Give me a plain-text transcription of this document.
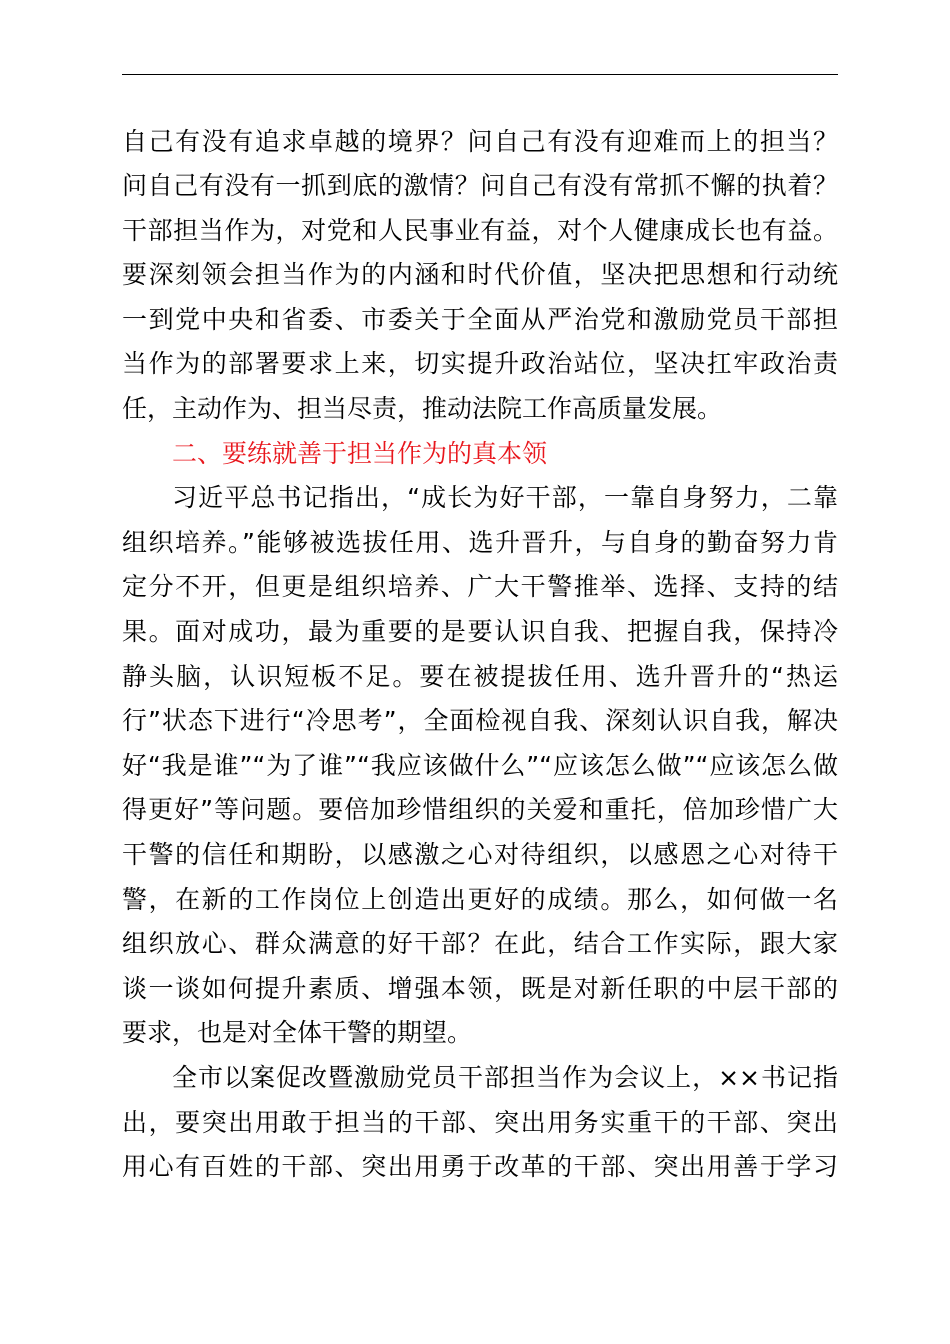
自己有没有追求卓越的境界？问自己有没有迎难而上的担当？
问自己有没有一抓到底的激情？问自己有没有常抓不懈的执着？
干部担当作为，对党和人民事业有益，对个人健康成长也有益。
要深刻领会担当作为的内涵和时代价值，坚决把思想和行动统
一到党中央和省委、市委关于全面从严治党和激励党员干部担
当作为的部署要求上来，切实提升政治站位，坚决扛牢政治责
任，主动作为、担当尽责，推动法院工作高质量发展。
二、要练就善于担当作为的真本领
习近平总书记指出，“成长为好干部，一靠自身努力，二靠
组织培养。”能够被选拔任用、选升晋升，与自身的勤奋努力肯
定分不开，但更是组织培养、广大干警推举、选择、支持的结
果。面对成功，最为重要的是要认识自我、把握自我，保持冷
静头脑，认识短板不足。要在被提拔任用、选升晋升的“热运
行”状态下进行“冷思考”，全面检视自我、深刻认识自我，解决
好“我是谁”“为了谁”“我应该做什么”“应该怎么做”“应该怎么做
得更好”等问题。要倍加珍惜组织的关爱和重托，倍加珍惜广大
干警的信任和期盼，以感激之心对待组织，以感恩之心对待干
警，在新的工作岗位上创造出更好的成绩。那么，如何做一名
组织放心、群众满意的好干部？在此，结合工作实际，跟大家
谈一谈如何提升素质、增强本领，既是对新任职的中层干部的
要求，也是对全体干警的期望。
全市以案促改暨激励党员干部担当作为会议上，××书记指
出，要突出用敢于担当的干部、突出用务实重干的干部、突出
用心有百姓的干部、突出用勇于改革的干部、突出用善于学习
